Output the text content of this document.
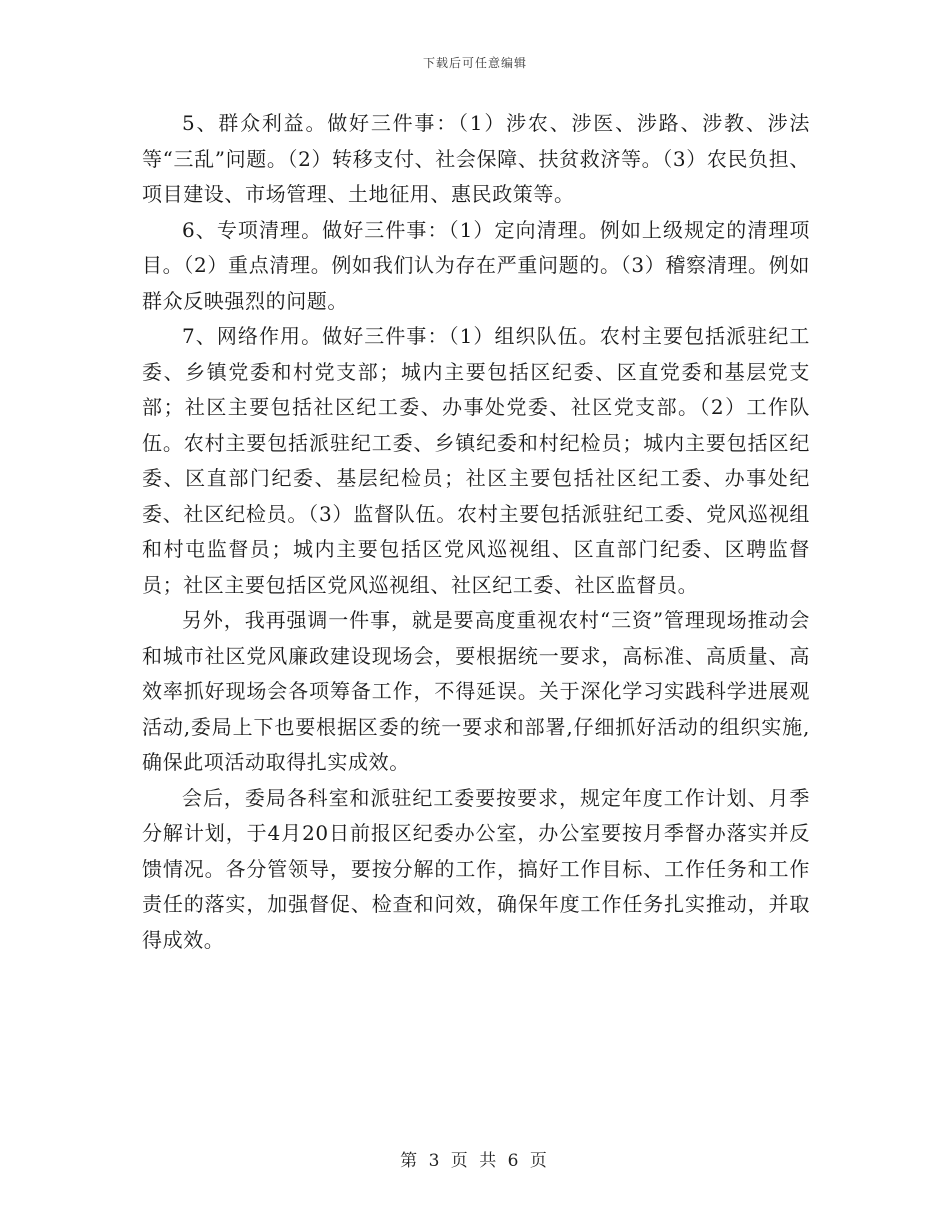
下载后可任意编辑

5、群众利益。做好三件事：（1）涉农、涉医、涉路、涉教、涉法等“三乱”问题。（2）转移支付、社会保障、扶贫救济等。（3）农民负担、项目建设、市场管理、土地征用、惠民政策等。

6、专项清理。做好三件事：（1）定向清理。例如上级规定的清理项目。（2）重点清理。例如我们认为存在严重问题的。（3）稽察清理。例如群众反映强烈的问题。

7、网络作用。做好三件事：（1）组织队伍。农村主要包括派驻纪工委、乡镇党委和村党支部；城内主要包括区纪委、区直党委和基层党支部；社区主要包括社区纪工委、办事处党委、社区党支部。（2）工作队伍。农村主要包括派驻纪工委、乡镇纪委和村纪检员；城内主要包括区纪委、区直部门纪委、基层纪检员；社区主要包括社区纪工委、办事处纪委、社区纪检员。（3）监督队伍。农村主要包括派驻纪工委、党风巡视组和村屯监督员；城内主要包括区党风巡视组、区直部门纪委、区聘监督员；社区主要包括区党风巡视组、社区纪工委、社区监督员。

另外，我再强调一件事，就是要高度重视农村“三资”管理现场推动会和城市社区党风廉政建设现场会，要根据统一要求，高标准、高质量、高效率抓好现场会各项筹备工作，不得延误。关于深化学习实践科学进展观活动,委局上下也要根据区委的统一要求和部署,仔细抓好活动的组织实施,确保此项活动取得扎实成效。

会后，委局各科室和派驻纪工委要按要求，规定年度工作计划、月季分解计划，于4月20日前报区纪委办公室，办公室要按月季督办落实并反馈情况。各分管领导，要按分解的工作，搞好工作目标、工作任务和工作责任的落实，加强督促、检查和问效，确保年度工作任务扎实推动，并取得成效。

第 3 页 共 6 页
